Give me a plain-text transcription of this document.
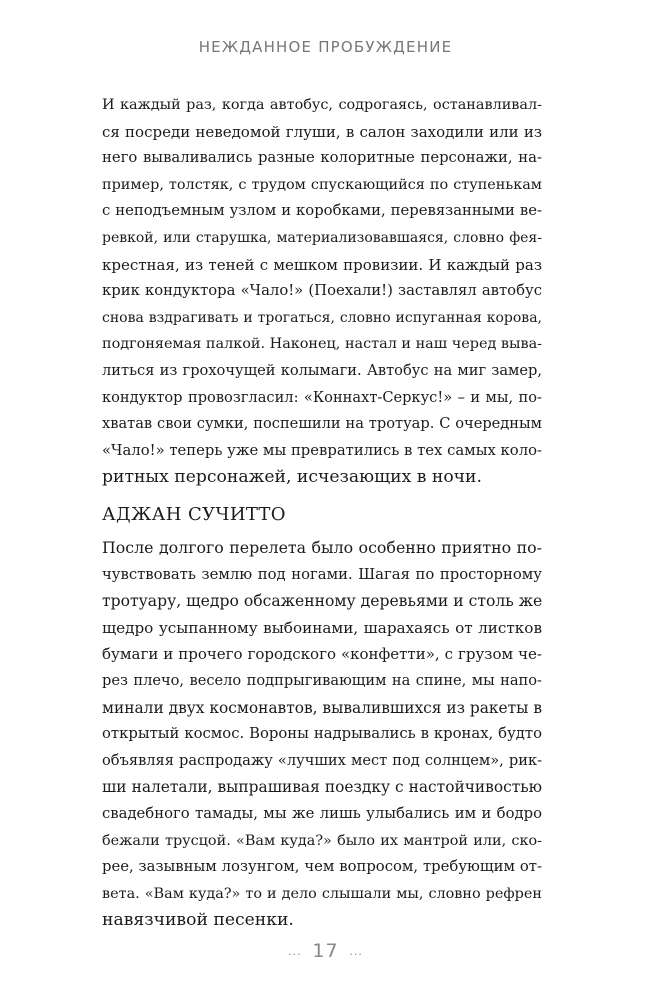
НЕЖДАННОЕ ПРОБУЖДЕНИЕ

И каждый раз, когда автобус, содрогаясь, останавливал-
ся посреди неведомой глуши, в салон заходили или из
него вываливались разные колоритные персонажи, на-
пример, толстяк, с трудом спускающийся по ступенькам
с неподъемным узлом и коробками, перевязанными ве-
ревкой, или старушка, материализовавшаяся, словно фея-
крестная, из теней с мешком провизии. И каждый раз
крик кондуктора «Чало!» (Поехали!) заставлял автобус
снова вздрагивать и трогаться, словно испуганная корова,
подгоняемая палкой. Наконец, настал и наш черед выва-
литься из грохочущей колымаги. Автобус на миг замер,
кондуктор провозгласил: «Коннахт-Серкус!» – и мы, по-
хватав свои сумки, поспешили на тротуар. С очередным
«Чало!» теперь уже мы превратились в тех самых коло-
ритных персонажей, исчезающих в ночи.

АДЖАН СУЧИТТО

После долгого перелета было особенно приятно по-
чувствовать землю под ногами. Шагая по просторному
тротуару, щедро обсаженному деревьями и столь же
щедро усыпанному выбоинами, шарахаясь от листков
бумаги и прочего городского «конфетти», с грузом че-
рез плечо, весело подпрыгивающим на спине, мы напо-
минали двух космонавтов, вывалившихся из ракеты в
открытый космос. Вороны надрывались в кронах, будто
объявляя распродажу «лучших мест под солнцем», рик-
ши налетали, выпрашивая поездку с настойчивостью
свадебного тамады, мы же лишь улыбались им и бодро
бежали трусцой. «Вам куда?» было их мантрой или, ско-
рее, зазывным лозунгом, чем вопросом, требующим от-
вета. «Вам куда?» то и дело слышали мы, словно рефрен
навязчивой песенки.

... 17 ...
